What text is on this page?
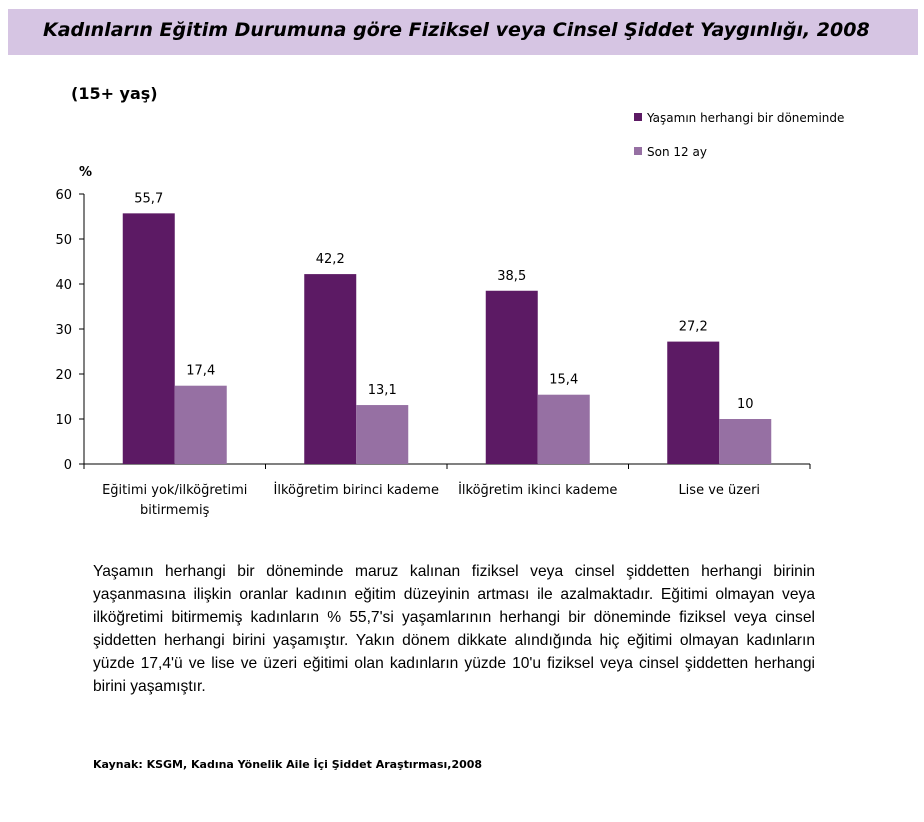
Kadınların Eğitim Durumuna göre Fiziksel veya Cinsel Şiddet Yaygınlığı, 2008
(15+ yaş)
%
0
10
20
30
40
50
60	55,7
17,4
Eğitimi yok/ilköğretimi
bitirmemiş
42,2
13,1
İlköğretim birinci kademe
38,5
15,4
İlköğretim ikinci kademe
27,2
10
Lise ve üzeri
Yaşamın herhangi bir döneminde
Son 12 ay

Yaşamın herhangi bir döneminde maruz kalınan fiziksel veya cinsel şiddetten herhangi birinin yaşanmasına ilişkin oranlar kadının eğitim düzeyinin artması ile azalmaktadır. Eğitimi olmayan veya ilköğretimi bitirmemiş kadınların % 55,7'si yaşamlarının herhangi bir döneminde fiziksel veya cinsel şiddetten herhangi birini yaşamıştır. Yakın dönem dikkate alındığında hiç eğitimi olmayan kadınların yüzde 17,4'ü ve lise ve üzeri eğitimi olan kadınların yüzde 10'u fiziksel veya cinsel şiddetten herhangi birini yaşamıştır.

Kaynak: KSGM, Kadına Yönelik Aile İçi Şiddet Araştırması,2008
